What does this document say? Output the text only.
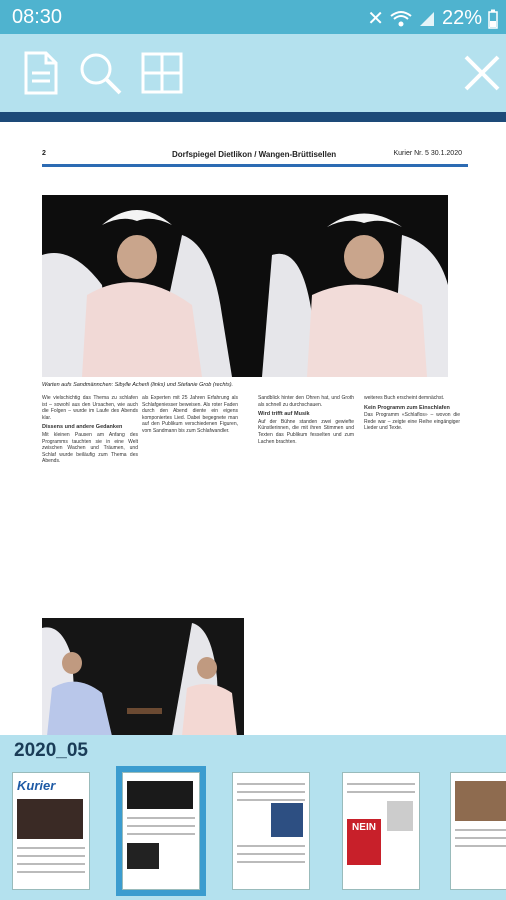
08:30	✕	22%
2	Dorfspiegel Dietlikon / Wangen-Brüttisellen	Kurier Nr. 5 30.1.2020
Warten aufs Sandmännchen: Sibylle Acherli (links) und Stefanie Grob (rechts).
Wie vielschichtig das Thema zu schlafen ist – sowohl aus den Ursachen, wie auch die Folgen – wurde im Laufe des Abends klar.
Dissens und andere Gedanken
Mit kleinen Pausen am Anfang des Programms tauchten sie in eine Welt zwischen Wachen und Träumen, und Schlaf wurde beiläufig zum Thema des Abends.
als Experten mit 25 Jahren Erfahrung als Schlafgeniesser beweisen. Als roter Faden durch den Abend diente ein eigens komponiertes Lied. Dabei begegnete man auf den Publikum verschiedenen Figuren, vom Sandmann bis zum Schlafwandler.
Sandblick hinter den Ohren hat, und Groth als schnell zu durchschauen.
Wird trifft auf Musik
Auf der Bühne standen zwei gewiefte Künstlerinnen, die mit ihren Stimmen und Texten das Publikum fesselten und zum Lachen brachten.
weiteres Buch erscheint demnächst.
Kein Programm zum Einschlafen
Das Programm «Schlaflos» – wovon die Rede war – zeigte eine Reihe eingängiger Lieder und Texte.
2020_05
Kurier
NEIN
